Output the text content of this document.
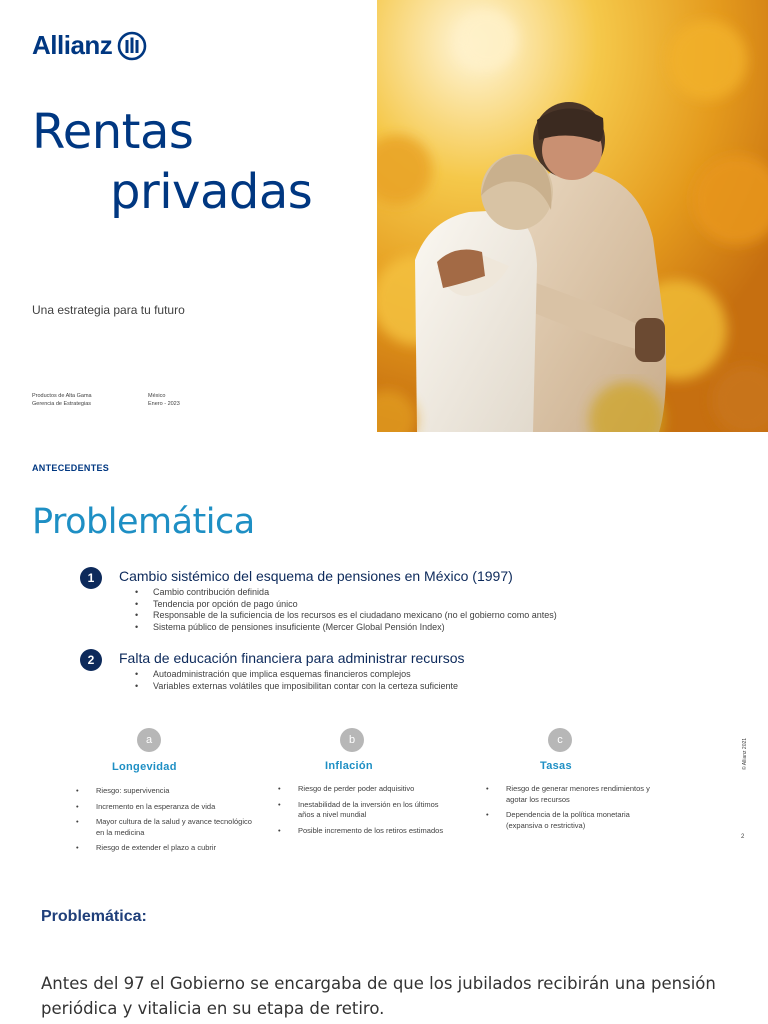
Allianz
Rentas
privadas
Una estrategia para tu futuro
Productos de Alta Gama
Gerencia de Estrategias
México
Enero - 2023
ANTECEDENTES
Problemática
1	Cambio sistémico del esquema de pensiones en México (1997)
• Cambio contribución definida
• Tendencia por opción de pago único
• Responsable de la suficiencia de los recursos es el ciudadano mexicano (no el gobierno como antes)
• Sistema público de pensiones insuficiente (Mercer Global Pensión Index)
2	Falta de educación financiera para administrar recursos
• Autoadministración que implica esquemas financieros complejos
• Variables externas volátiles que imposibilitan contar con la certeza suficiente
a
Longevidad
• Riesgo: supervivencia
• Incremento en la esperanza de vida
• Mayor cultura de la salud y avance tecnológico en la medicina
• Riesgo de extender el plazo a cubrir
b
Inflación
• Riesgo de perder poder adquisitivo
• Inestabilidad de la inversión en los últimos años a nivel mundial
• Posible incremento de los retiros estimados
c
Tasas
• Riesgo de generar menores rendimientos y agotar los recursos
• Dependencia de la política monetaria (expansiva o restrictiva)
© Allianz 2021
2
Problemática:
Antes del 97 el Gobierno se encargaba de que los jubilados recibirán una pensión periódica y vitalicia en su etapa de retiro.
